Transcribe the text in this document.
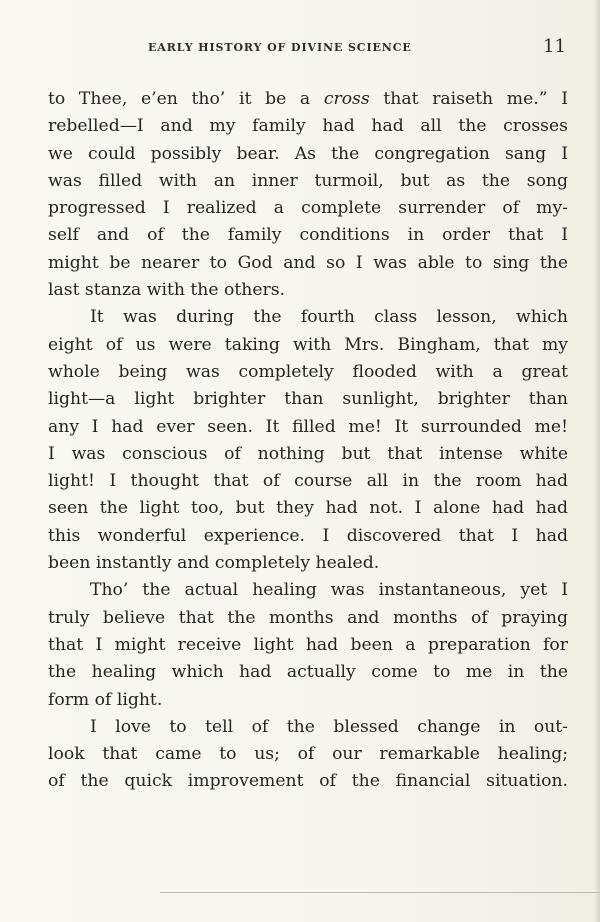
EARLY HISTORY OF DIVINE SCIENCE	11

to Thee, e’en tho’ it be a cross that raiseth me.” I
rebelled—I and my family had had all the crosses
we could possibly bear. As the congregation sang I
was filled with an inner turmoil, but as the song
progressed I realized a complete surrender of my-
self and of the family conditions in order that I
might be nearer to God and so I was able to sing the
last stanza with the others.

It was during the fourth class lesson, which
eight of us were taking with Mrs. Bingham, that my
whole being was completely flooded with a great
light—a light brighter than sunlight, brighter than
any I had ever seen. It filled me! It surrounded me!
I was conscious of nothing but that intense white
light! I thought that of course all in the room had
seen the light too, but they had not. I alone had had
this wonderful experience. I discovered that I had
been instantly and completely healed.

Tho’ the actual healing was instantaneous, yet I
truly believe that the months and months of praying
that I might receive light had been a preparation for
the healing which had actually come to me in the
form of light.

I love to tell of the blessed change in out-
look that came to us; of our remarkable healing;
of the quick improvement of the financial situation.
